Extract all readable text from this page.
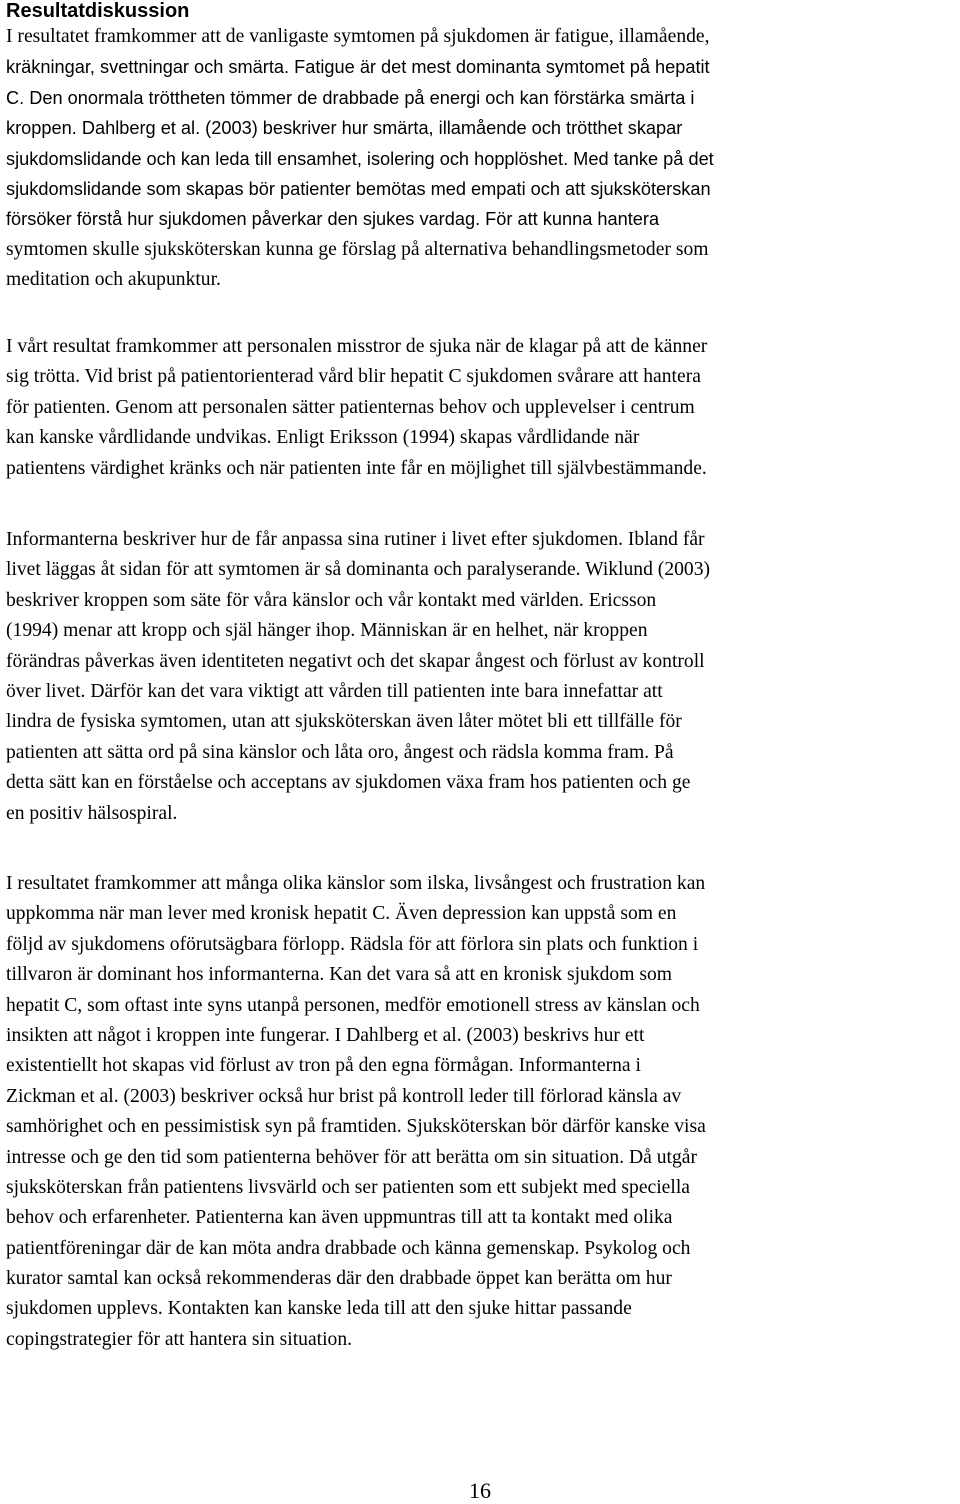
Resultatdiskussion
I resultatet framkommer att de vanligaste symtomen på sjukdomen är fatigue, illamående,
kräkningar, svettningar och smärta. Fatigue är det mest dominanta symtomet på hepatit
C. Den onormala tröttheten tömmer de drabbade på energi och kan förstärka smärta i
kroppen. Dahlberg et al. (2003) beskriver hur smärta, illamående och trötthet skapar
sjukdomslidande och kan leda till ensamhet, isolering och hopplöshet. Med tanke på det
sjukdomslidande som skapas bör patienter bemötas med empati och att sjuksköterskan
försöker förstå hur sjukdomen påverkar den sjukes vardag. För att kunna hantera
symtomen skulle sjuksköterskan kunna ge förslag på alternativa behandlingsmetoder som
meditation och akupunktur.
I vårt resultat framkommer att personalen misstror de sjuka när de klagar på att de känner
sig trötta. Vid brist på patientorienterad vård blir hepatit C sjukdomen svårare att hantera
för patienten. Genom att personalen sätter patienternas behov och upplevelser i centrum
kan kanske vårdlidande undvikas. Enligt Eriksson (1994) skapas vårdlidande när
patientens värdighet kränks och när patienten inte får en möjlighet till självbestämmande.
Informanterna beskriver hur de får anpassa sina rutiner i livet efter sjukdomen. Ibland får
livet läggas åt sidan för att symtomen är så dominanta och paralyserande. Wiklund (2003)
beskriver kroppen som säte för våra känslor och vår kontakt med världen. Ericsson
(1994) menar att kropp och själ hänger ihop. Människan är en helhet, när kroppen
förändras påverkas även identiteten negativt och det skapar ångest och förlust av kontroll
över livet. Därför kan det vara viktigt att vården till patienten inte bara innefattar att
lindra de fysiska symtomen, utan att sjuksköterskan även låter mötet bli ett tillfälle för
patienten att sätta ord på sina känslor och låta oro, ångest och rädsla komma fram. På
detta sätt kan en förståelse och acceptans av sjukdomen växa fram hos patienten och ge
en positiv hälsospiral.
I resultatet framkommer att många olika känslor som ilska, livsångest och frustration kan
uppkomma när man lever med kronisk hepatit C. Även depression kan uppstå som en
följd av sjukdomens oförutsägbara förlopp. Rädsla för att förlora sin plats och funktion i
tillvaron är dominant hos informanterna. Kan det vara så att en kronisk sjukdom som
hepatit C, som oftast inte syns utanpå personen, medför emotionell stress av känslan och
insikten att något i kroppen inte fungerar. I Dahlberg et al. (2003) beskrivs hur ett
existentiellt hot skapas vid förlust av tron på den egna förmågan. Informanterna i
Zickman et al. (2003) beskriver också hur brist på kontroll leder till förlorad känsla av
samhörighet och en pessimistisk syn på framtiden. Sjuksköterskan bör därför kanske visa
intresse och ge den tid som patienterna behöver för att berätta om sin situation. Då utgår
sjuksköterskan från patientens livsvärld och ser patienten som ett subjekt med speciella
behov och erfarenheter. Patienterna kan även uppmuntras till att ta kontakt med olika
patientföreningar där de kan möta andra drabbade och känna gemenskap. Psykolog och
kurator samtal kan också rekommenderas där den drabbade öppet kan berätta om hur
sjukdomen upplevs. Kontakten kan kanske leda till att den sjuke hittar passande
copingstrategier för att hantera sin situation.
16
